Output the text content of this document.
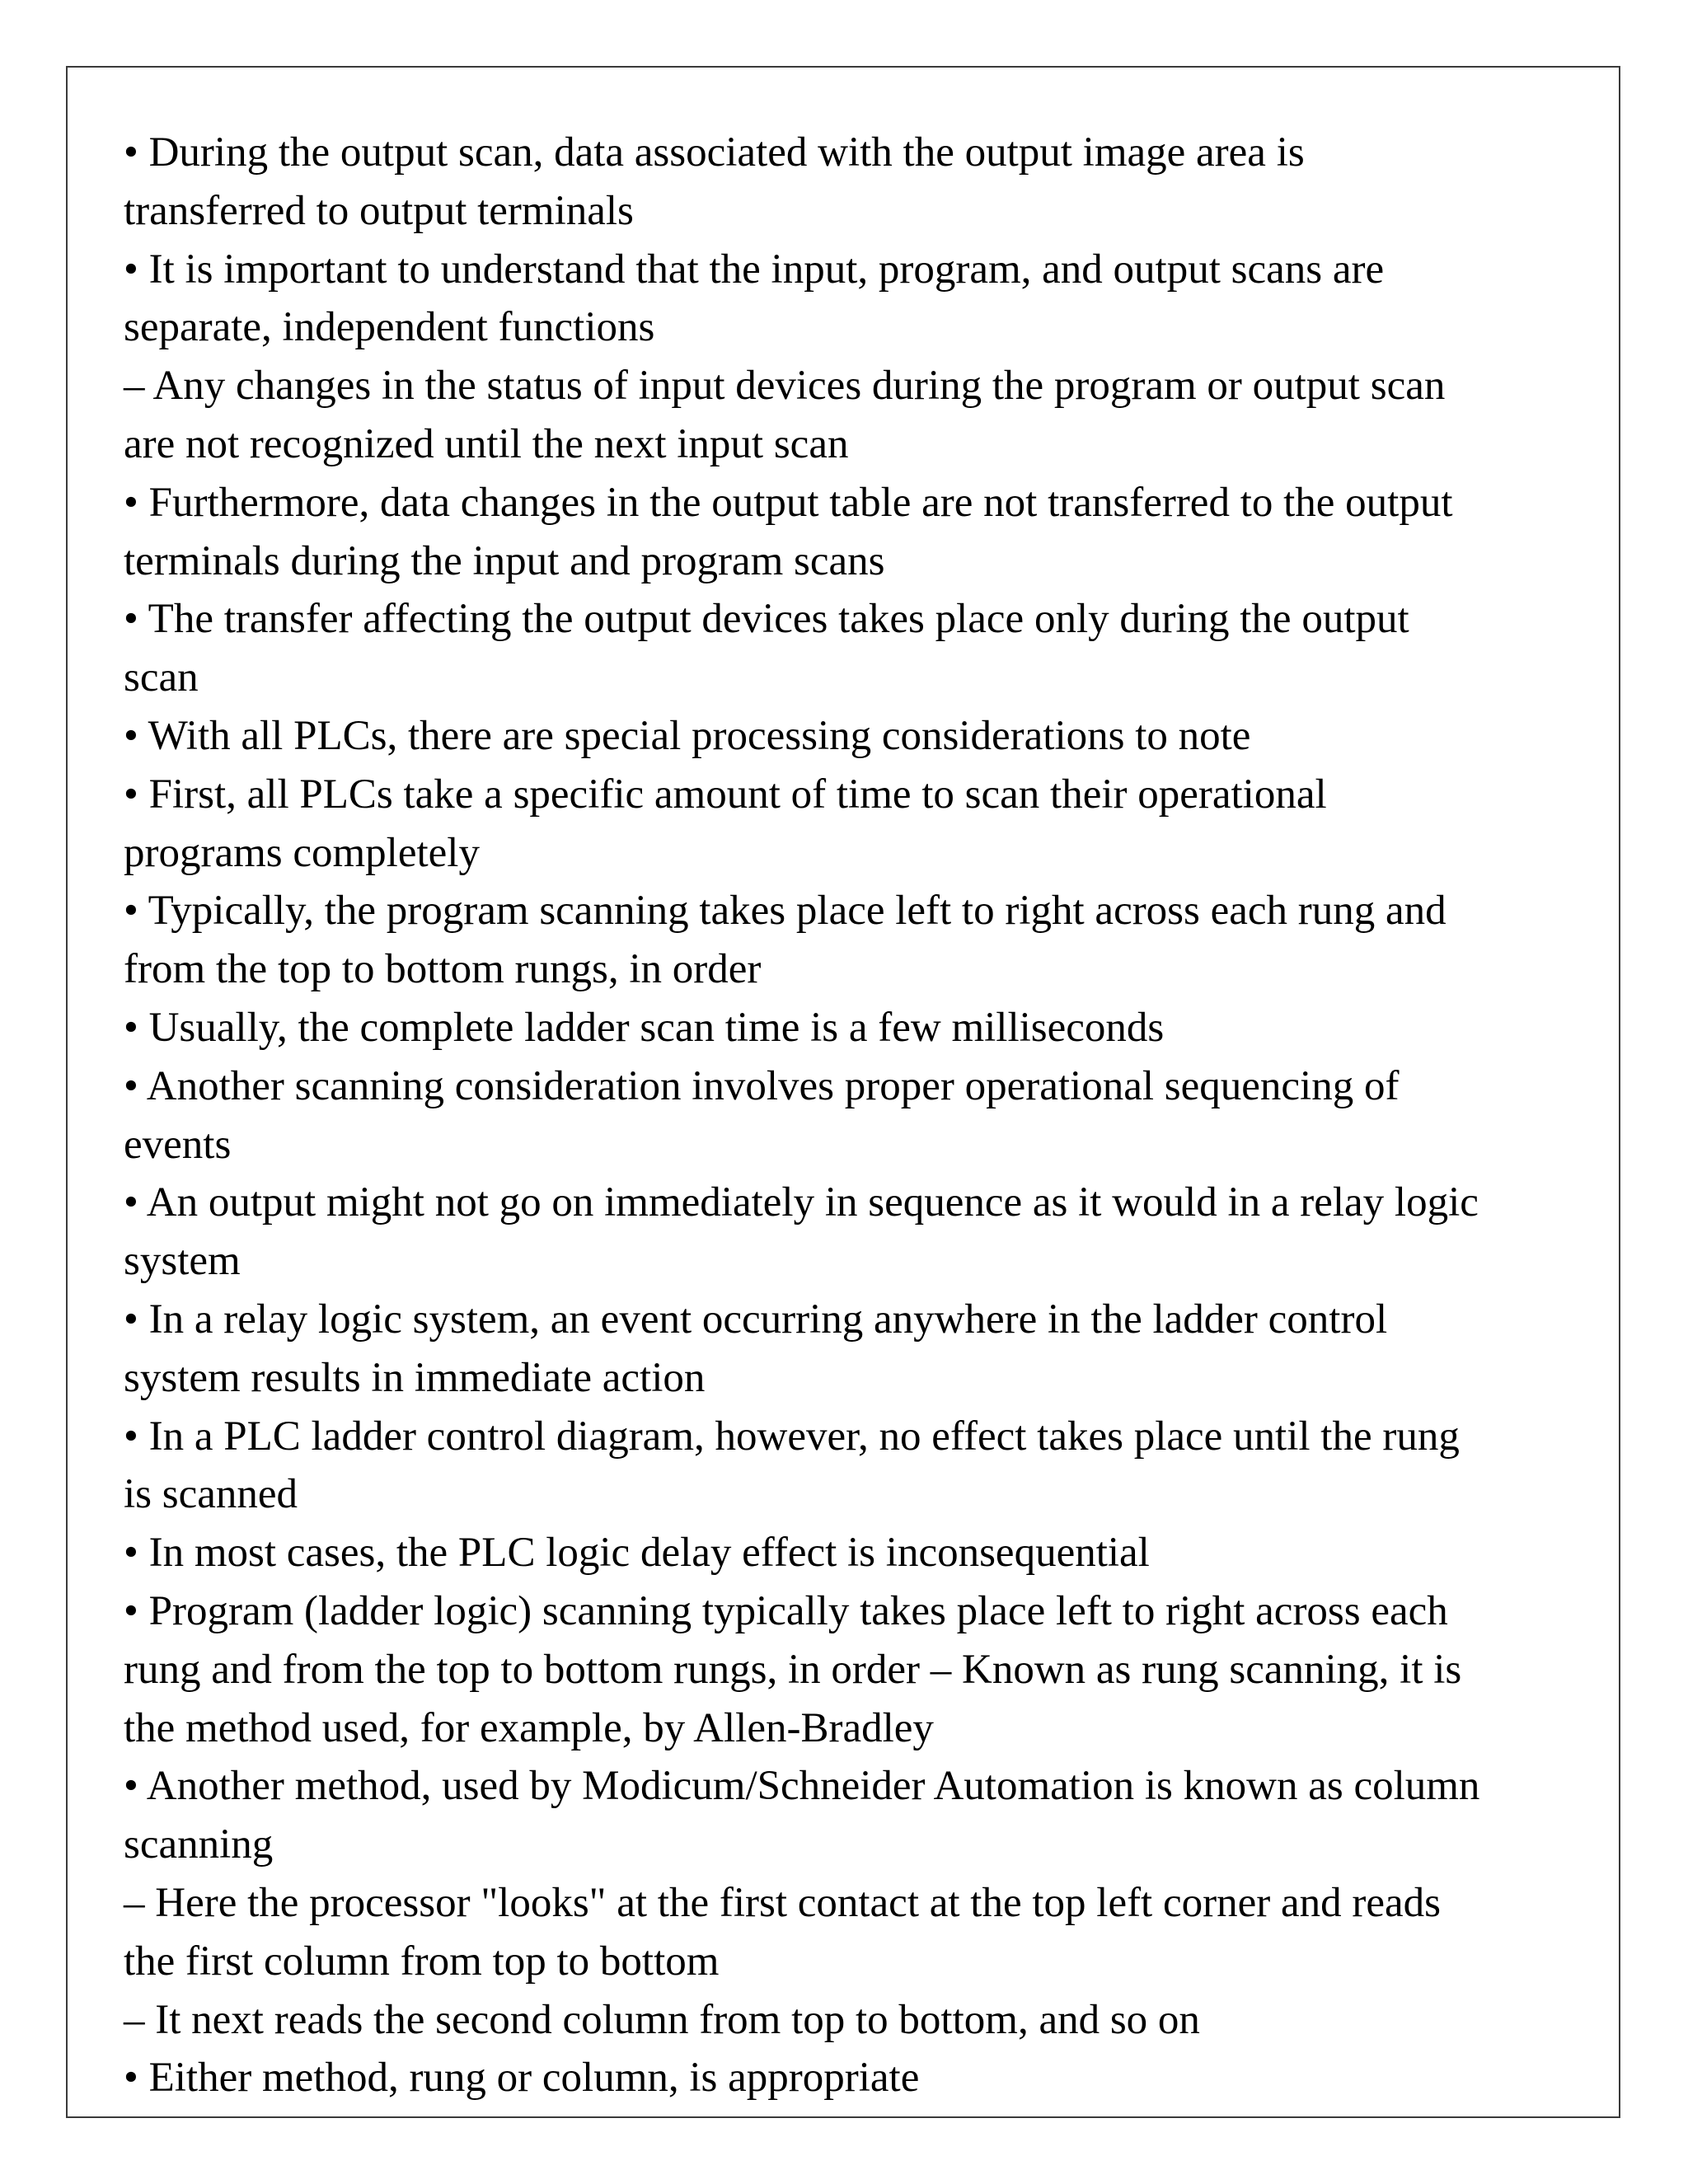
• During the output scan, data associated with the output image area is

transferred to output terminals

• It is important to understand that the input, program, and output scans are

separate, independent functions

– Any changes in the status of input devices during the program or output scan

are not recognized until the next input scan

• Furthermore, data changes in the output table are not transferred to the output

terminals during the input and program scans

• The transfer affecting the output devices takes place only during the output

scan

• With all PLCs, there are special processing considerations to note

• First, all PLCs take a specific amount of time to scan their operational

programs completely

• Typically, the program scanning takes place left to right across each rung and

from the top to bottom rungs, in order

• Usually, the complete ladder scan time is a few milliseconds

• Another scanning consideration involves proper operational sequencing of

events

• An output might not go on immediately in sequence as it would in a relay logic

system

• In a relay logic system, an event occurring anywhere in the ladder control

system results in immediate action

• In a PLC ladder control diagram, however, no effect takes place until the rung

is scanned

• In most cases, the PLC logic delay effect is inconsequential

• Program (ladder logic) scanning typically takes place left to right across each

rung and from the top to bottom rungs, in order – Known as rung scanning, it is

the method used, for example, by Allen-Bradley

• Another method, used by Modicum/Schneider Automation is known as column

scanning

– Here the processor "looks" at the first contact at the top left corner and reads

the first column from top to bottom

– It next reads the second column from top to bottom, and so on

• Either method, rung or column, is appropriate
